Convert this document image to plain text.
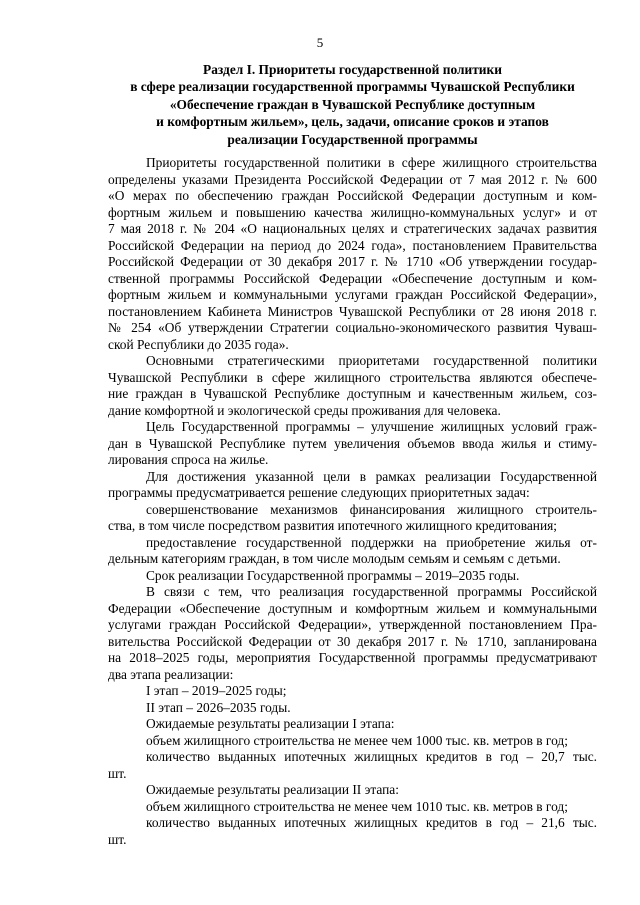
5
Раздел I. Приоритеты государственной политики
в сфере реализации государственной программы Чувашской Республики
«Обеспечение граждан в Чувашской Республике доступным
и комфортным жильем», цель, задачи, описание сроков и этапов
реализации Государственной программы
Приоритеты государственной политики в сфере жилищного строительства
определены указами Президента Российской Федерации от 7 мая 2012 г. № 600
«О мерах по обеспечению граждан Российской Федерации доступным и ком-
фортным жильем и повышению качества жилищно-коммунальных услуг» и от
7 мая 2018 г. № 204 «О национальных целях и стратегических задачах развития
Российской Федерации на период до 2024 года», постановлением Правительства
Российской Федерации от 30 декабря 2017 г. № 1710 «Об утверждении государ-
ственной программы Российской Федерации «Обеспечение доступным и ком-
фортным жильем и коммунальными услугами граждан Российской Федерации»,
постановлением Кабинета Министров Чувашской Республики от 28 июня 2018 г.
№ 254 «Об утверждении Стратегии социально-экономического развития Чуваш-
ской Республики до 2035 года».
Основными стратегическими приоритетами государственной политики
Чувашской Республики в сфере жилищного строительства являются обеспече-
ние граждан в Чувашской Республике доступным и качественным жильем, соз-
дание комфортной и экологической среды проживания для человека.
Цель Государственной программы – улучшение жилищных условий граж-
дан в Чувашской Республике путем увеличения объемов ввода жилья и стиму-
лирования спроса на жилье.
Для достижения указанной цели в рамках реализации Государственной
программы предусматривается решение следующих приоритетных задач:
совершенствование механизмов финансирования жилищного строитель-
ства, в том числе посредством развития ипотечного жилищного кредитования;
предоставление государственной поддержки на приобретение жилья от-
дельным категориям граждан, в том числе молодым семьям и семьям с детьми.
Срок реализации Государственной программы – 2019–2035 годы.
В связи с тем, что реализация государственной программы Российской
Федерации «Обеспечение доступным и комфортным жильем и коммунальными
услугами граждан Российской Федерации», утвержденной постановлением Пра-
вительства Российской Федерации от 30 декабря 2017 г. № 1710, запланирована
на 2018–2025 годы, мероприятия Государственной программы предусматривают
два этапа реализации:
I этап – 2019–2025 годы;
II этап – 2026–2035 годы.
Ожидаемые результаты реализации I этапа:
объем жилищного строительства не менее чем 1000 тыс. кв. метров в год;
количество выданных ипотечных жилищных кредитов в год – 20,7 тыс.
шт.
Ожидаемые результаты реализации II этапа:
объем жилищного строительства не менее чем 1010 тыс. кв. метров в год;
количество выданных ипотечных жилищных кредитов в год – 21,6 тыс.
шт.
